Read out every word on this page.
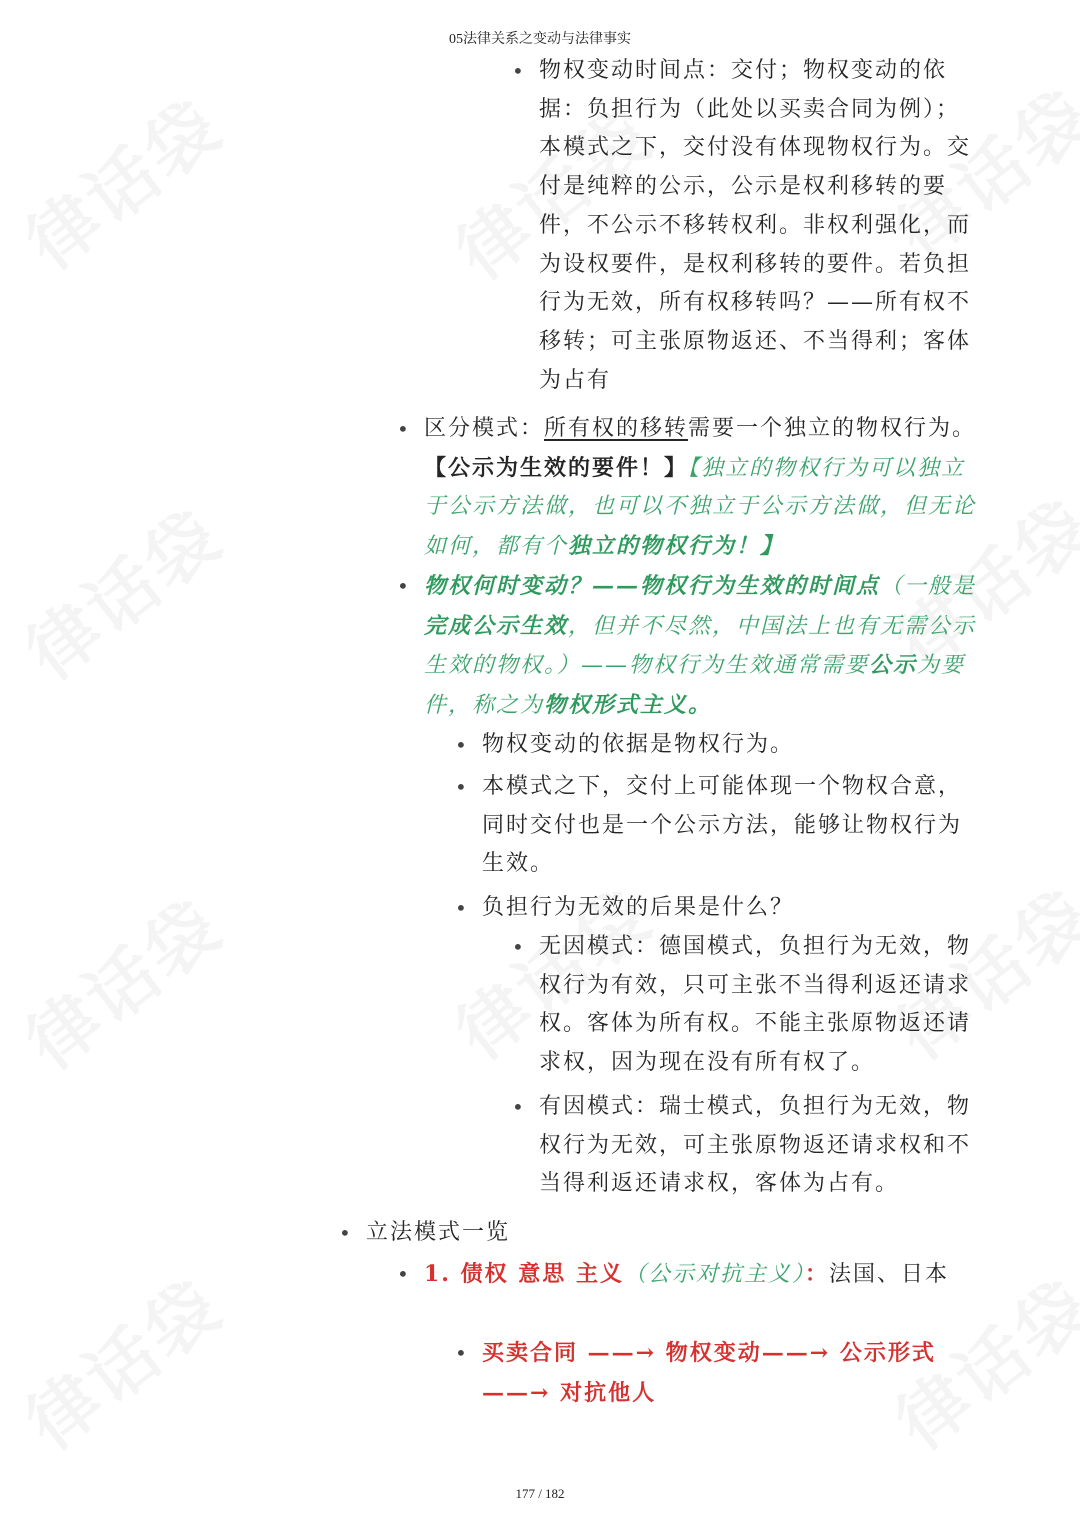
05法律关系之变动与法律事实

• 物权变动时间点：交付；物权变动的依据：负担行为（此处以买卖合同为例）；本模式之下，交付没有体现物权行为。交付是纯粹的公示，公示是权利移转的要件，不公示不移转权利。非权利强化，而为设权要件，是权利移转的要件。若负担行为无效，所有权移转吗？——所有权不移转；可主张原物返还、不当得利；客体为占有

• 区分模式：所有权的移转需要一个独立的物权行为。【公示为生效的要件！】【独立的物权行为可以独立于公示方法做，也可以不独立于公示方法做，但无论如何，都有个独立的物权行为！】

• 物权何时变动？——物权行为生效的时间点（一般是完成公示生效，但并不尽然，中国法上也有无需公示生效的物权。）——物权行为生效通常需要公示为要件，称之为物权形式主义。

• 物权变动的依据是物权行为。

• 本模式之下，交付上可能体现一个物权合意，同时交付也是一个公示方法，能够让物权行为生效。

• 负担行为无效的后果是什么？

• 无因模式：德国模式，负担行为无效，物权行为有效，只可主张不当得利返还请求权。客体为所有权。不能主张原物返还请求权，因为现在没有所有权了。

• 有因模式：瑞士模式，负担行为无效，物权行为无效，可主张原物返还请求权和不当得利返还请求权，客体为占有。

• 立法模式一览

• 1. 债权 意思 主义（公示对抗主义）：法国、日本

• 买卖合同 ——→ 物权变动——→ 公示形式——→ 对抗他人

177 / 182
